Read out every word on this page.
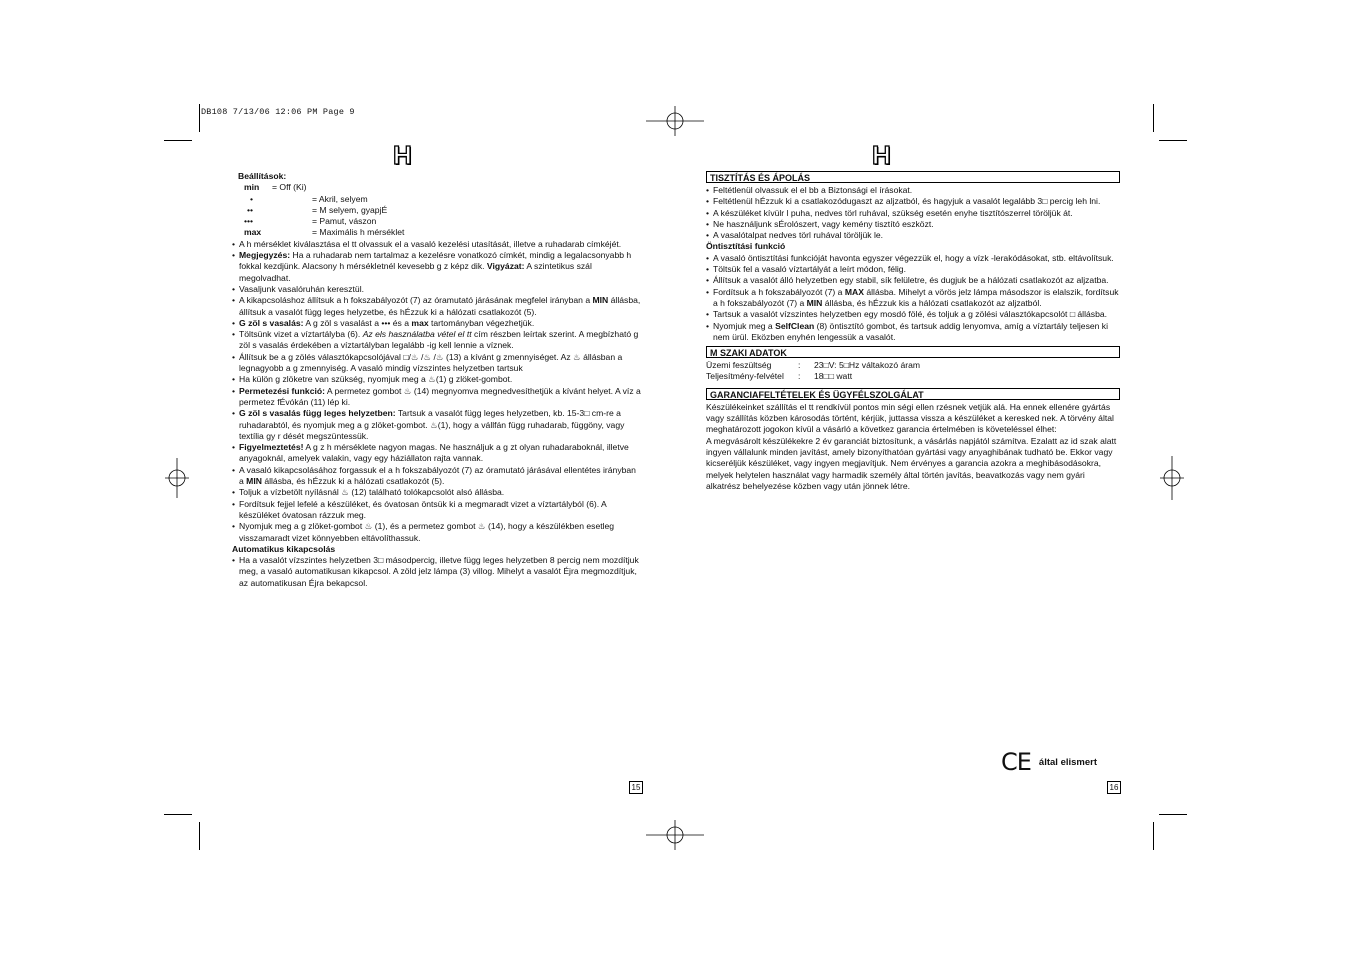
DB108 7/13/06 12:06 PM Page 9
H

Beállítások:

min	= Off (Ki)
•	= Akril, selyem
••	= M selyem, gyapjÉ
•••	= Pamut, vászon
max	= Maximális h mérséklet

• A h mérséklet kiválasztása el tt olvassuk el a vasaló kezelési utasítását, illetve a ruhadarab címkéjét.

• Megjegyzés: Ha a ruhadarab nem tartalmaz a kezelésre vonatkozó címkét, mindig a legalacsonyabb h fokkal kezdjünk. Alacsony h mérsékletnél kevesebb g z képz dik. Vigyázat: A szintetikus szál megolvadhat.

• Vasaljunk vasalóruhán keresztül.

• A kikapcsoláshoz állítsuk a h fokszabályozót (7) az óramutató járásának megfelel irányban a MIN állásba, állítsuk a vasalót függ leges helyzetbe, és hÉzzuk ki a hálózati csatlakozót (5).

• G zöl s vasalás: A g zöl s vasalást a ••• és a max tartományban végezhetjük.

• Töltsünk vizet a víztartályba (6). Az els használatba vétel el tt cím részben leírtak szerint. A megbízható g zöl s vasalás érdekében a víztartályban legalább -ig kell lennie a víznek.

• Állítsuk be a g zölés választókapcsolójával □/♨ /♨ /♨ (13) a kívánt g zmennyiséget. Az ♨ állásban a legnagyobb a g zmennyiség. A vasaló mindig vízszintes helyzetben tartsuk

• Ha külön g zlöketre van szükség, nyomjuk meg a ♨(1) g zlöket-gombot.

• Permetezési funkció: A permetez gombot ♨ (14) megnyomva megnedvesíthetjük a kívánt helyet. A víz a permetez fÉvókán (11) lép ki.

• G zöl s vasalás függ leges helyzetben: Tartsuk a vasalót függ leges helyzetben, kb. 15-3□ cm-re a ruhadarabtól, és nyomjuk meg a g zlöket-gombot. ♨(1), hogy a vállfán függ ruhadarab, függöny, vagy textília gy r dését megszüntessük.

• Figyelmeztetés! A g z h mérséklete nagyon magas. Ne használjuk a g zt olyan ruhadaraboknál, illetve anyagoknál, amelyek valakin, vagy egy háziállaton rajta vannak.

• A vasaló kikapcsolásához forgassuk el a h fokszabályozót (7) az óramutató járásával ellentétes irányban a MIN állásba, és hÉzzuk ki a hálózati csatlakozót (5).

• Toljuk a vízbetölt nyílásnál ♨ (12) található tolókapcsolót alsó állásba.

• Fordítsuk fejjel lefelé a készüléket, és óvatosan öntsük ki a megmaradt vizet a víztartályból (6). A készüléket óvatosan rázzuk meg.

• Nyomjuk meg a g zlöket-gombot ♨ (1), és a permetez gombot ♨ (14), hogy a készülékben esetleg visszamaradt vizet könnyebben eltávolíthassuk.

Automatikus kikapcsolás

• Ha a vasalót vízszintes helyzetben 3□ másodpercig, illetve függ leges helyzetben 8 percig nem mozdítjuk meg, a vasaló automatikusan kikapcsol. A zöld jelz lámpa (3) villog. Mihelyt a vasalót Éjra megmozdítjuk, az automatikusan Éjra bekapcsol.

15
H
TISZTÍTÁS ÉS ÁPOLÁS

• Feltétlenül olvassuk el el bb a Biztonsági el írásokat.

• Feltétlenül hÉzzuk ki a csatlakozódugaszt az aljzatból, és hagyjuk a vasalót legalább 3□ percig leh lni.

• A készüléket kívülr l puha, nedves törl ruhával, szükség esetén enyhe tisztítószerrel töröljük át.

• Ne használjunk sÉrolószert, vagy kemény tisztító eszközt.

• A vasalótalpat nedves törl ruhával töröljük le.

Öntisztítási funkció

• A vasaló öntisztítási funkcióját havonta egyszer végezzük el, hogy a vízk -lerakódásokat, stb. eltávolítsuk.

• Töltsük fel a vasaló víztartályát a leírt módon, félig.

• Állítsuk a vasalót álló helyzetben egy stabil, sík felületre, és dugjuk be a hálózati csatlakozót az aljzatba.

• Fordítsuk a h fokszabályozót (7) a MAX állásba. Mihelyt a vörös jelz lámpa másodszor is elalszik, fordítsuk a h fokszabályozót (7) a MIN állásba, és hÉzzuk kis a hálózati csatlakozót az aljzatból.

• Tartsuk a vasalót vízszintes helyzetben egy mosdó fölé, és toljuk a g zölési választókapcsolót □ állásba.

• Nyomjuk meg a SelfClean (8) öntisztító gombot, és tartsuk addig lenyomva, amíg a víztartály teljesen ki nem ürül. Eközben enyhén lengessük a vasalót.

M SZAKI ADATOK
Üzemi feszültség	:	23□V: 5□Hz váltakozó áram
Teljesítmény-felvétel	:	18□□ watt
GARANCIAFELTÉTELEK ÉS ÜGYFÉLSZOLGÁLAT

Készülékeinket szállítás el tt rendkívül pontos min ségi ellen rzésnek vetjük alá. Ha ennek ellenére gyártás vagy szállítás közben károsodás történt, kérjük, juttassa vissza a készüléket a keresked nek. A törvény által meghatározott jogokon kívül a vásárló a következ garancia értelmében is követeléssel élhet:

A megvásárolt készülékekre 2 év garanciát biztosítunk, a vásárlás napjától számítva. Ezalatt az id szak alatt ingyen vállalunk minden javítást, amely bizonyíthatóan gyártási vagy anyaghibának tudható be. Ekkor vagy kicseréljük készüléket, vagy ingyen megjavítjuk. Nem érvényes a garancia azokra a meghibásodásokra, melyek helytelen használat vagy harmadik személy által történ javítás, beavatkozás vagy nem gyári alkatrész behelyezése közben vagy után jönnek létre.

CE által elismert
16
